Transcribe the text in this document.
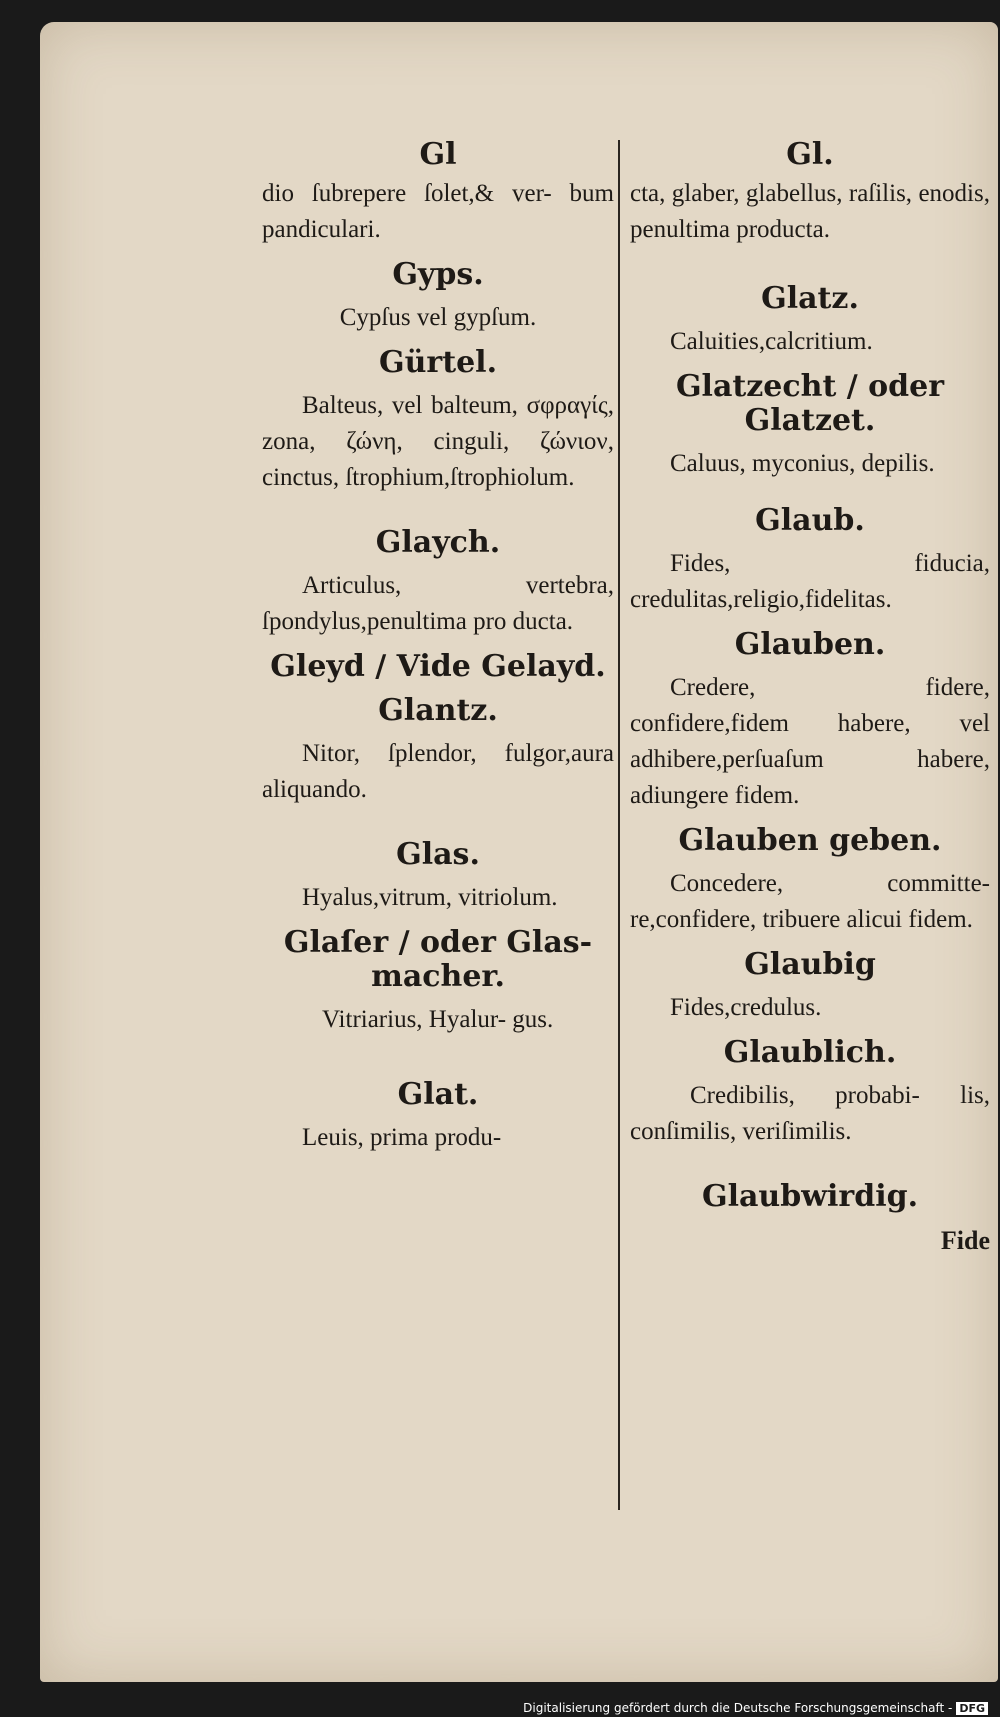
Gl

dio ſubrepere ſolet,& ver- bum pandiculari.

Gyps.

Cypſus vel gypſum.

Gürtel.

Balteus, vel balteum, σφραγίς, zona, ζώνη, cinguli, ζώνιον, cinctus, ſtrophium,ſtrophiolum.

Glaych.

Articulus, vertebra, ſpondylus,penultima pro ducta.

Gleyd / Vide Gelayd.
Glantz.

Nitor, ſplendor, fulgor,aura aliquando.

Glas.

Hyalus,vitrum, vitriolum.

Glaſer / oder Glas- macher.

Vitriarius, Hyalur- gus.

Glat.

Leuis, prima produ-

Gl.

cta, glaber, glabellus, raſilis, enodis, penultima producta.

Glatz.

Caluities,calcritium.

Glatzecht / oder Glatzet.

Caluus, myconius, depilis.

Glaub.

Fides, fiducia, credulitas,religio,fidelitas.

Glauben.

Credere, fidere, confidere,fidem habere, vel adhibere,perſuaſum habere, adiungere fidem.

Glauben geben.

Concedere, committe- re,confidere, tribuere alicui fidem.

Glaubig

Fides,credulus.

Glaublich.

Credibilis, probabi- lis, conſimilis, veriſimilis.

Glaubwirdig.
Fide
Digitalisierung gefördert durch die Deutsche Forschungsgemeinschaft - DFG
